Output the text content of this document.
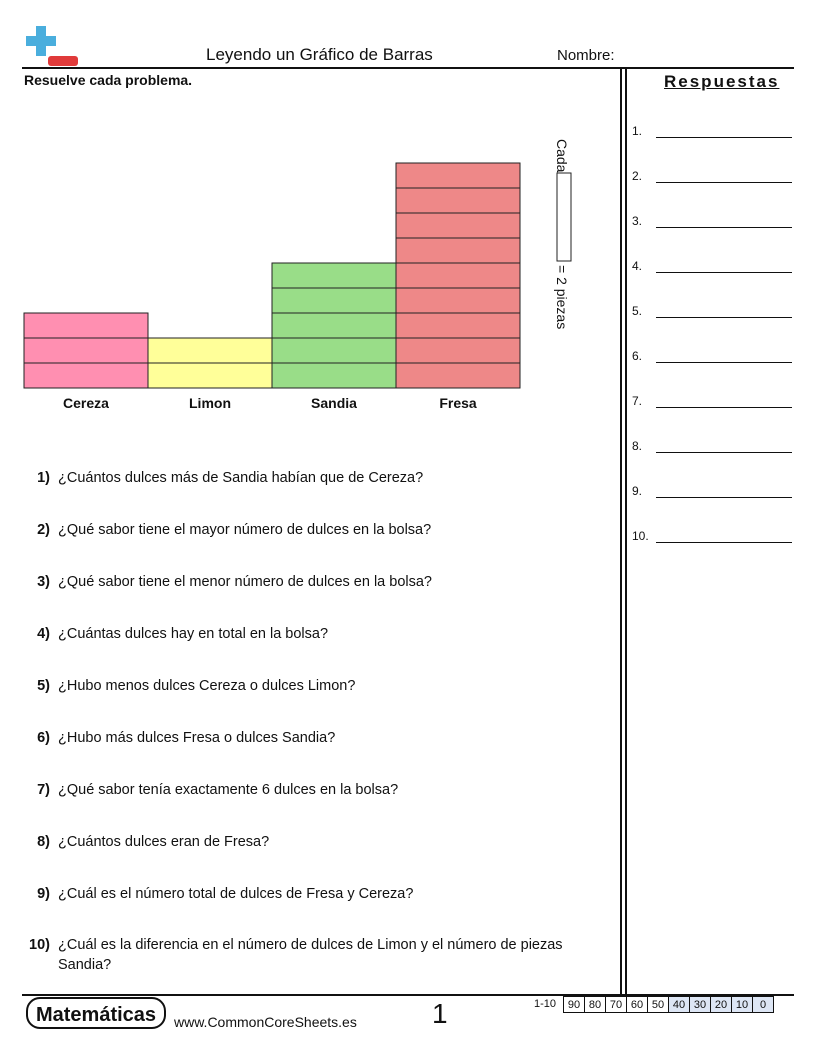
Leyendo un Gráfico de Barras	Nombre:
Resuelve cada problema.
Cereza	Limon	Sandia	Fresa
Cada
= 2 piezas
1) ¿Cuántos dulces más de Sandia habían que de Cereza?
2) ¿Qué sabor tiene el mayor número de dulces en la bolsa?
3) ¿Qué sabor tiene el menor número de dulces en la bolsa?
4) ¿Cuántas dulces hay en total en la bolsa?
5) ¿Hubo menos dulces Cereza o dulces Limon?
6) ¿Hubo más dulces Fresa o dulces Sandia?
7) ¿Qué sabor tenía exactamente 6 dulces en la bolsa?
8) ¿Cuántos dulces eran de Fresa?
9) ¿Cuál es el número total de dulces de Fresa y Cereza?
10) ¿Cuál es la diferencia en el número de dulces de Limon y el número de piezas Sandia?
Respuestas
1.
2.
3.
4.
5.
6.
7.
8.
9.
10.
Matemáticas	www.CommonCoreSheets.es	1	1-10	90 80 70 60 50 40 30 20 10	0
